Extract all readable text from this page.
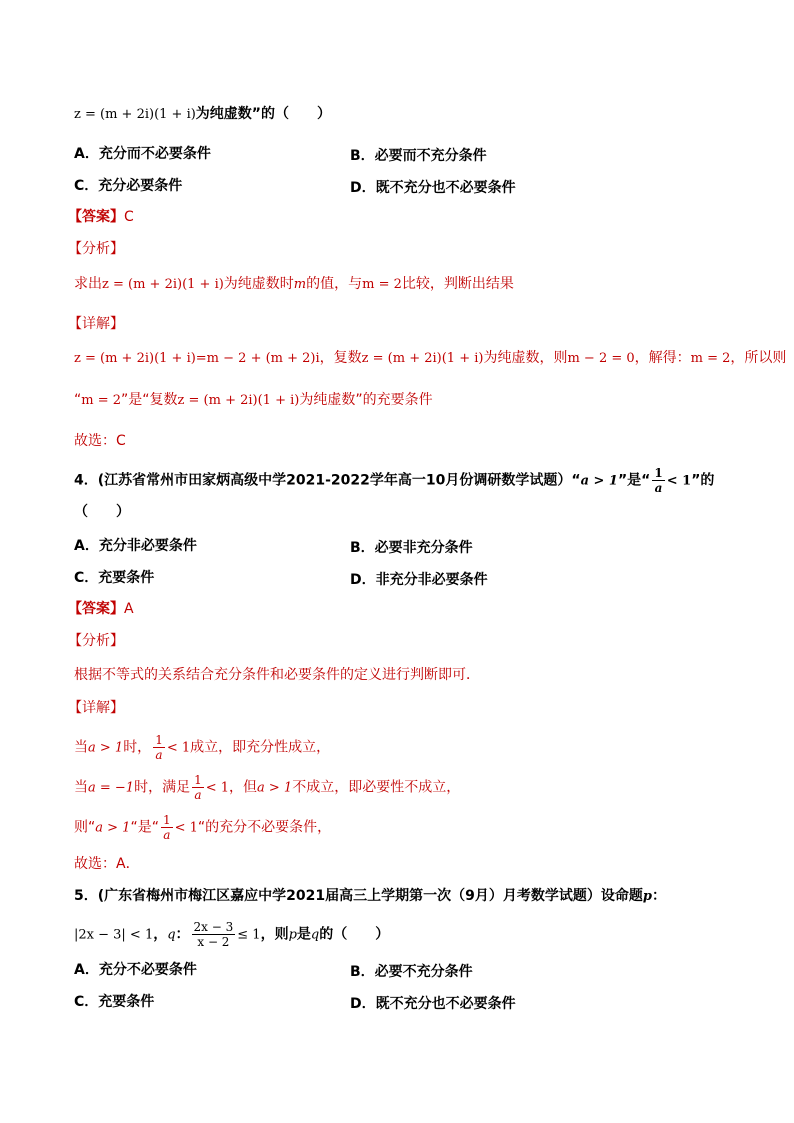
z = (m + 2i)(1 + i)为纯虚数”的（　　）
A．充分而不必要条件	B．必要而不充分条件
C．充分必要条件	D．既不充分也不必要条件
【答案】C
【分析】
求出z = (m + 2i)(1 + i)为纯虚数时m的值，与m = 2比较，判断出结果
【详解】
z = (m + 2i)(1 + i)=m − 2 + (m + 2)i，复数z = (m + 2i)(1 + i)为纯虚数，则m − 2 = 0，解得：m = 2，所以则
“m = 2”是“复数z = (m + 2i)(1 + i)为纯虚数”的充要条件
故选：C
4．(江苏省常州市田家炳高级中学2021-2022学年高一10月份调研数学试题）“a > 1”是“ $\frac{1}{a} < 1$”的
（　　）
A．充分非必要条件	B．必要非充分条件
C．充要条件	D．非充分非必要条件
【答案】A
【分析】
根据不等式的关系结合充分条件和必要条件的定义进行判断即可．
【详解】
当a > 1时， $\frac{1}{a} < 1$成立，即充分性成立，
当a = −1时，满足 $\frac{1}{a} < 1$，但a > 1不成立，即必要性不成立，
则“a > 1“是“ $\frac{1}{a}$ < 1“的充分不必要条件，
故选：A．
5．(广东省梅州市梅江区嘉应中学2021届高三上学期第一次（9月）月考数学试题）设命题p：
|2x − 3| < 1，q： $\frac{2x - 3}{x - 2} \le 1$，则p是q的（　　）
A．充分不必要条件	B．必要不充分条件
C．充要条件	D．既不充分也不必要条件
